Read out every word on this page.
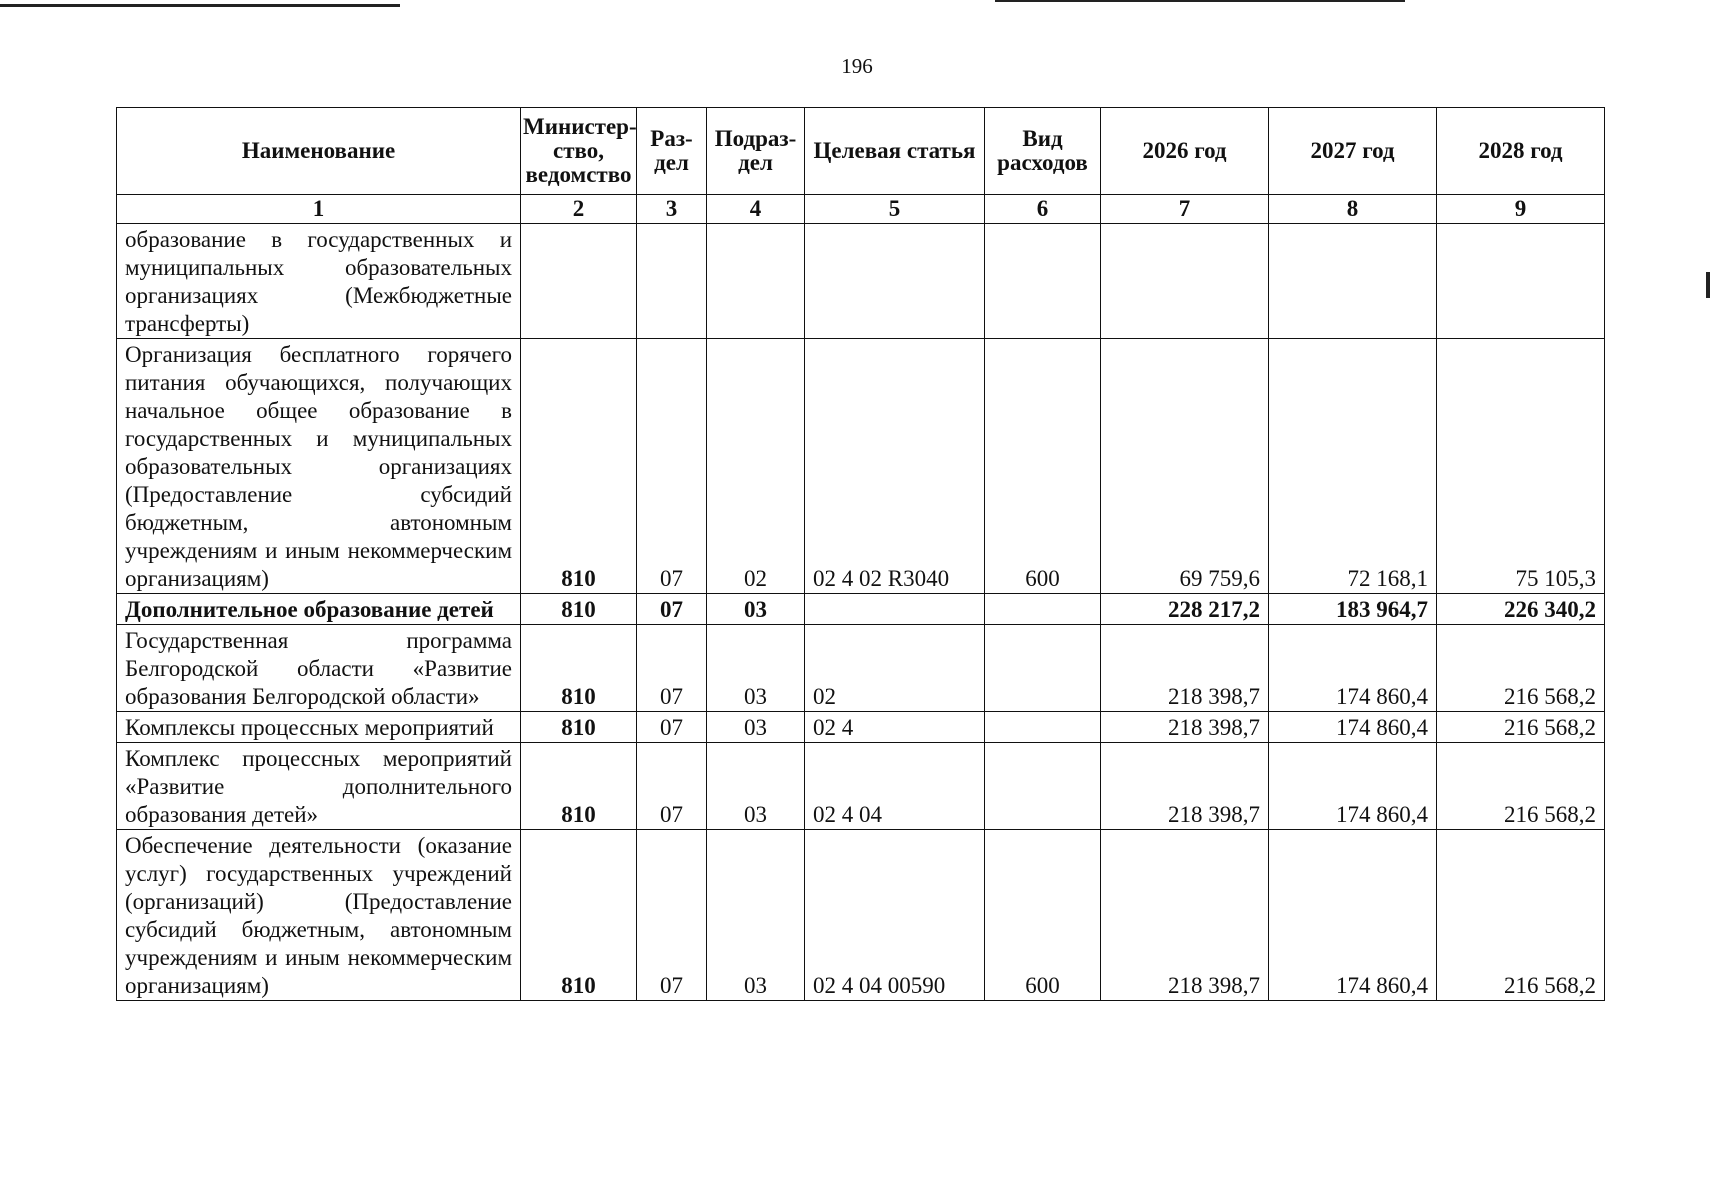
196
Наименование	Министер-ство, ведомство	Раз-дел	Подраз-дел	Целевая статья	Вид расходов	2026 год	2027 год	2028 год
1	2	3	4	5	6	7	8	9
образование в государственных и муниципальных образовательных организациях (Межбюджетные трансферты)								
Организация бесплатного горячего питания обучающихся, получающих начальное общее образование в государственных и муниципальных образовательных организациях (Предоставление субсидий бюджетным, автономным учреждениям и иным некоммерческим организациям)	810	07	02	02 4 02 R3040	600	69 759,6	72 168,1	75 105,3
Дополнительное образование детей	810	07	03			228 217,2	183 964,7	226 340,2
Государственная программа Белгородской области «Развитие образования Белгородской области»	810	07	03	02		218 398,7	174 860,4	216 568,2
Комплексы процессных мероприятий	810	07	03	02 4		218 398,7	174 860,4	216 568,2
Комплекс процессных мероприятий «Развитие дополнительного образования детей»	810	07	03	02 4 04		218 398,7	174 860,4	216 568,2
Обеспечение деятельности (оказание услуг) государственных учреждений (организаций) (Предоставление субсидий бюджетным, автономным учреждениям и иным некоммерческим организациям)	810	07	03	02 4 04 00590	600	218 398,7	174 860,4	216 568,2
